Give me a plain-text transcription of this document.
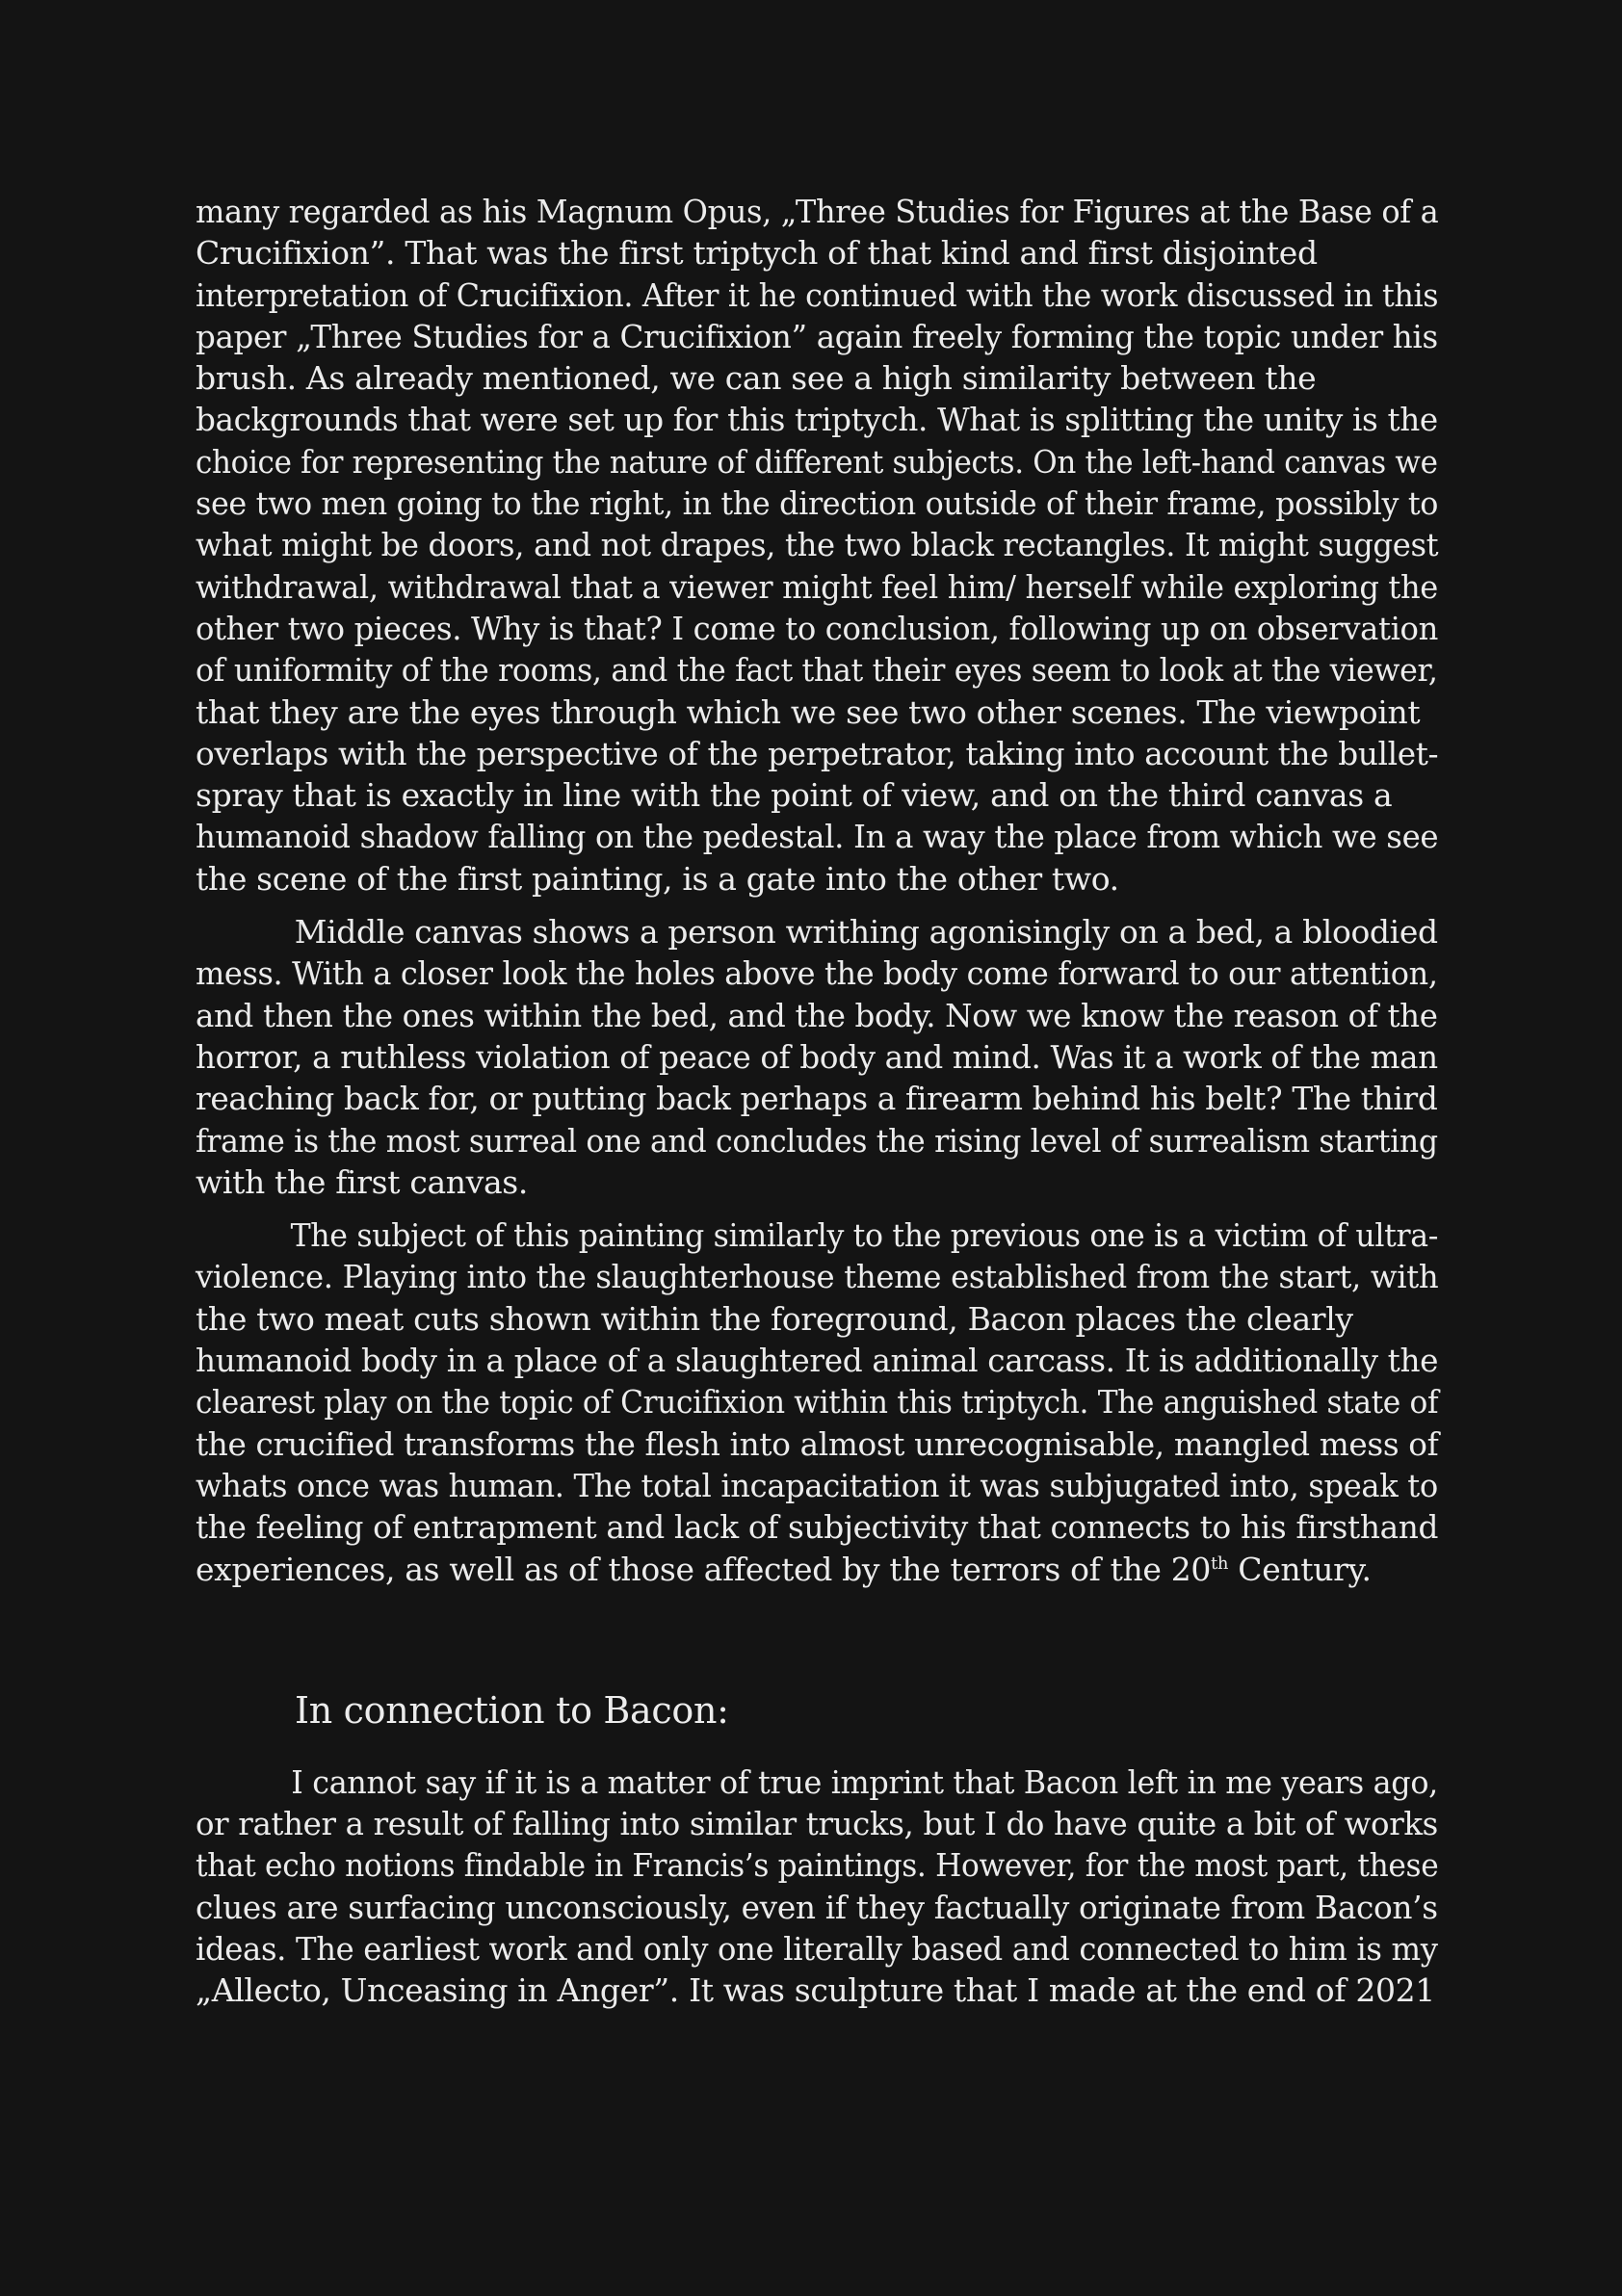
many regarded as his Magnum Opus, „Three Studies for Figures at the Base of a
Crucifixion”. That was the first triptych of that kind and first disjointed
interpretation of Crucifixion. After it he continued with the work discussed in this
paper „Three Studies for a Crucifixion” again freely forming the topic under his
brush. As already mentioned, we can see a high similarity between the
backgrounds that were set up for this triptych. What is splitting the unity is the
choice for representing the nature of different subjects. On the left-hand canvas we
see two men going to the right, in the direction outside of their frame, possibly to
what might be doors, and not drapes, the two black rectangles. It might suggest
withdrawal, withdrawal that a viewer might feel him/ herself while exploring the
other two pieces. Why is that? I come to conclusion, following up on observation
of uniformity of the rooms, and the fact that their eyes seem to look at the viewer,
that they are the eyes through which we see two other scenes. The viewpoint
overlaps with the perspective of the perpetrator, taking into account the bullet-
spray that is exactly in line with the point of view, and on the third canvas a
humanoid shadow falling on the pedestal. In a way the place from which we see
the scene of the first painting, is a gate into the other two.
Middle canvas shows a person writhing agonisingly on a bed, a bloodied
mess. With a closer look the holes above the body come forward to our attention,
and then the ones within the bed, and the body. Now we know the reason of the
horror, a ruthless violation of peace of body and mind. Was it a work of the man
reaching back for, or putting back perhaps a firearm behind his belt? The third
frame is the most surreal one and concludes the rising level of surrealism starting
with the first canvas.
The subject of this painting similarly to the previous one is a victim of ultra-
violence. Playing into the slaughterhouse theme established from the start, with
the two meat cuts shown within the foreground, Bacon places the clearly
humanoid body in a place of a slaughtered animal carcass. It is additionally the
clearest play on the topic of Crucifixion within this triptych. The anguished state of
the crucified transforms the flesh into almost unrecognisable, mangled mess of
whats once was human. The total incapacitation it was subjugated into, speak to
the feeling of entrapment and lack of subjectivity that connects to his firsthand
experiences, as well as of those affected by the terrors of the 20th Century.
In connection to Bacon:
I cannot say if it is a matter of true imprint that Bacon left in me years ago,
or rather a result of falling into similar trucks, but I do have quite a bit of works
that echo notions findable in Francis’s paintings. However, for the most part, these
clues are surfacing unconsciously, even if they factually originate from Bacon’s
ideas. The earliest work and only one literally based and connected to him is my
„Allecto, Unceasing in Anger”. It was sculpture that I made at the end of 2021
